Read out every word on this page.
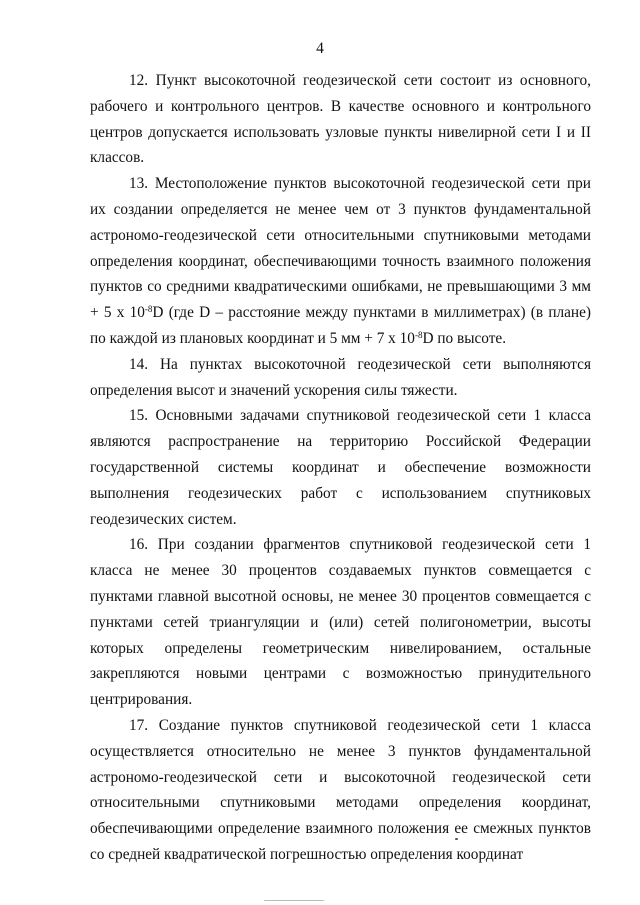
4

12. Пункт высокоточной геодезической сети состоит из основного, рабочего и контрольного центров. В качестве основного и контрольного центров допускается использовать узловые пункты нивелирной сети I и II классов.

13. Местоположение пунктов высокоточной геодезической сети при их создании определяется не менее чем от 3 пунктов фундаментальной астрономо-геодезической сети относительными спутниковыми методами определения координат, обеспечивающими точность взаимного положения пунктов со средними квадратическими ошибками, не превышающими 3 мм + 5 х $10^{-8}D$ (где D – расстояние между пунктами в миллиметрах) (в плане) по каждой из плановых координат и 5 мм + 7 х $10^{-8}D$ по высоте.

14. На пунктах высокоточной геодезической сети выполняются определения высот и значений ускорения силы тяжести.

15. Основными задачами спутниковой геодезической сети 1 класса являются распространение на территорию Российской Федерации государственной системы координат и обеспечение возможности выполнения геодезических работ с использованием спутниковых геодезических систем.

16. При создании фрагментов спутниковой геодезической сети 1 класса не менее 30 процентов создаваемых пунктов совмещается с пунктами главной высотной основы, не менее 30 процентов совмещается с пунктами сетей триангуляции и (или) сетей полигонометрии, высоты которых определены геометрическим нивелированием, остальные закрепляются новыми центрами с возможностью принудительного центрирования.

17. Создание пунктов спутниковой геодезической сети 1 класса осуществляется относительно не менее 3 пунктов фундаментальной астрономо-геодезической сети и высокоточной геодезической сети относительными спутниковыми методами определения координат, обеспечивающими определение взаимного положения ее смежных пунктов со средней квадратической погрешностью определения координат
